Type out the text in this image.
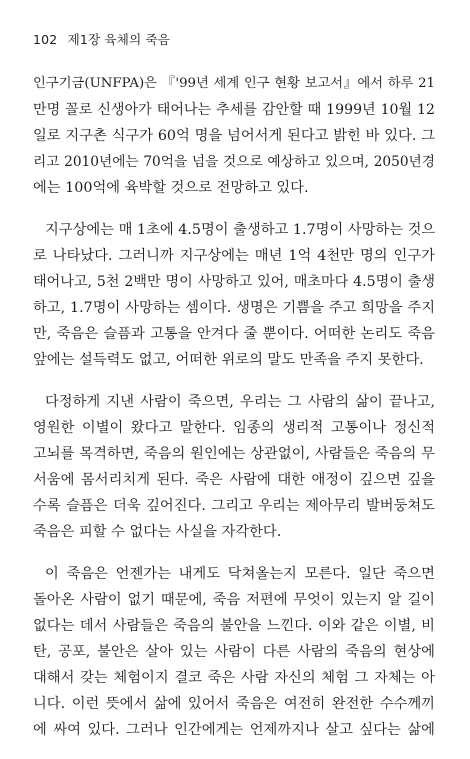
102 제1장 육체의 죽음
인구기금(UNFPA)은 『'99년 세계 인구 현황 보고서』에서 하루 21
만명 꼴로 신생아가 태어나는 추세를 감안할 때 1999년 10월 12
일로 지구촌 식구가 60억 명을 넘어서게 된다고 밝힌 바 있다. 그
리고 2010년에는 70억을 넘을 것으로 예상하고 있으며, 2050년경
에는 100억에 육박할 것으로 전망하고 있다.
지구상에는 매 1초에 4.5명이 출생하고 1.7명이 사망하는 것으
로 나타났다. 그러니까 지구상에는 매년 1억 4천만 명의 인구가
태어나고, 5천 2백만 명이 사망하고 있어, 매초마다 4.5명이 출생
하고, 1.7명이 사망하는 셈이다. 생명은 기쁨을 주고 희망을 주지
만, 죽음은 슬픔과 고통을 안겨다 줄 뿐이다. 어떠한 논리도 죽음
앞에는 설득력도 없고, 어떠한 위로의 말도 만족을 주지 못한다.
다정하게 지낸 사람이 죽으면, 우리는 그 사람의 삶이 끝나고,
영원한 이별이 왔다고 말한다. 임종의 생리적 고통이나 정신적
고뇌를 목격하면, 죽음의 원인에는 상관없이, 사람들은 죽음의 무
서움에 몸서리치게 된다. 죽은 사람에 대한 애정이 깊으면 깊을
수록 슬픔은 더욱 깊어진다. 그리고 우리는 제아무리 발버둥쳐도
죽음은 피할 수 없다는 사실을 자각한다.
이 죽음은 언젠가는 내게도 닥쳐올는지 모른다. 일단 죽으면
돌아온 사람이 없기 때문에, 죽음 저편에 무엇이 있는지 알 길이
없다는 데서 사람들은 죽음의 불안을 느낀다. 이와 같은 이별, 비
탄, 공포, 불안은 살아 있는 사람이 다른 사람의 죽음의 현상에
대해서 갖는 체험이지 결코 죽은 사람 자신의 체험 그 자체는 아
니다. 이런 뜻에서 삶에 있어서 죽음은 여전히 완전한 수수께끼
에 싸여 있다. 그러나 인간에게는 언제까지나 살고 싶다는 삶에
